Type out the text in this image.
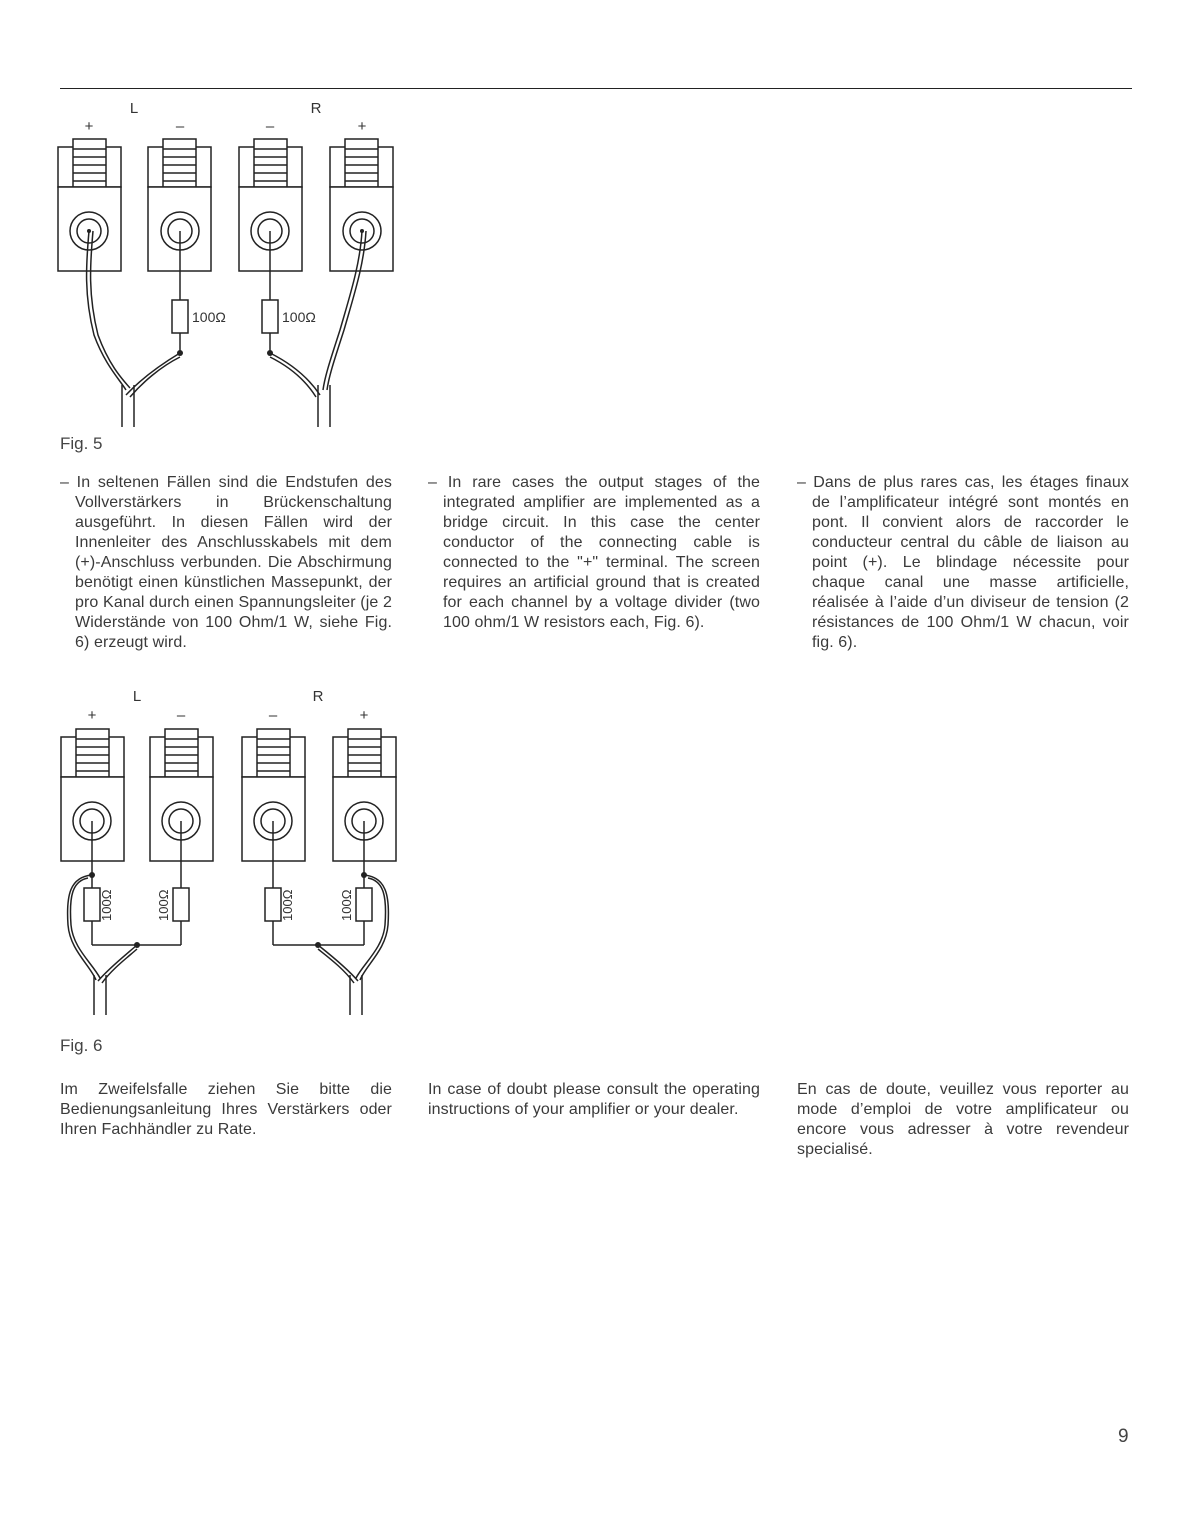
L	R
+	–	–	+
100Ω	100Ω
Fig. 5
– In seltenen Fällen sind die Endstufen des Vollverstärkers in Brückenschaltung ausgeführt. In diesen Fällen wird der Innenleiter des Anschlusskabels mit dem (+)-Anschluss verbunden. Die Abschirmung benötigt einen künstlichen Massepunkt, der pro Kanal durch einen Spannungsleiter (je 2 Widerstände von 100 Ohm/1 W, siehe Fig. 6) erzeugt wird.
– In rare cases the output stages of the integrated amplifier are implemented as a bridge circuit. In this case the center conductor of the connecting cable is connected to the "+" terminal. The screen requires an artificial ground that is created for each channel by a voltage divider (two 100 ohm/1 W resistors each, Fig. 6).
– Dans de plus rares cas, les étages finaux de l’amplificateur intégré sont montés en pont. Il convient alors de raccorder le conducteur central du câble de liaison au point (+). Le blindage nécessite pour chaque canal une masse artificielle, réalisée à l’aide d’un diviseur de tension (2 résistances de 100 Ohm/1 W chacun, voir fig. 6).
L	R
+	–	–	+
100Ω	100Ω	100Ω	100Ω
Fig. 6
Im Zweifelsfalle ziehen Sie bitte die Bedienungsanleitung Ihres Verstärkers oder Ihren Fachhändler zu Rate.
In case of doubt please consult the operating instructions of your amplifier or your dealer.
En cas de doute, veuillez vous reporter au mode d’emploi de votre amplificateur ou encore vous adresser à votre revendeur specialisé.
9
